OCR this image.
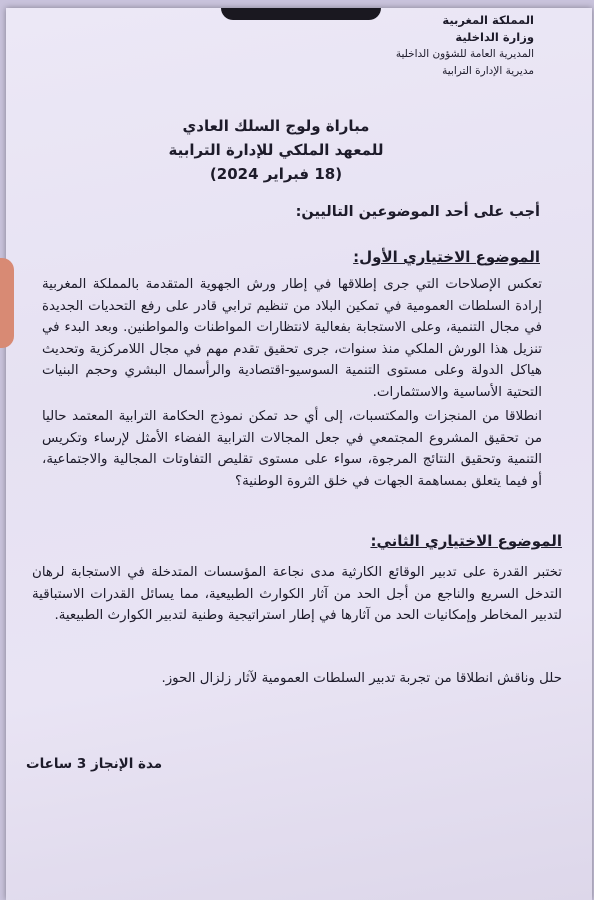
المملكة المغربية
وزارة الداخلية
المديرية العامة للشؤون الداخلية
مديرية الإدارة الترابية
مباراة ولوج السلك العادي
للمعهد الملكي للإدارة الترابية
(18 فبراير 2024)
أجب على أحد الموضوعين التاليين:
الموضوع الاختياري الأول:
تعكس الإصلاحات التي جرى إطلاقها في إطار ورش الجهوية المتقدمة بالمملكة المغربية إرادة السلطات العمومية في تمكين البلاد من تنظيم ترابي قادر على رفع التحديات الجديدة في مجال التنمية، وعلى الاستجابة بفعالية لانتظارات المواطنات والمواطنين. وبعد البدء في تنزيل هذا الورش الملكي منذ سنوات، جرى تحقيق تقدم مهم في مجال اللامركزية وتحديث هياكل الدولة وعلى مستوى التنمية السوسيو-اقتصادية والرأسمال البشري وحجم البنيات التحتية الأساسية والاستثمارات.
انطلاقا من المنجزات والمكتسبات، إلى أي حد تمكن نموذج الحكامة الترابية المعتمد حاليا من تحقيق المشروع المجتمعي في جعل المجالات الترابية الفضاء الأمثل لإرساء وتكريس التنمية وتحقيق النتائج المرجوة، سواء على مستوى تقليص التفاوتات المجالية والاجتماعية، أو فيما يتعلق بمساهمة الجهات في خلق الثروة الوطنية؟
الموضوع الاختياري الثاني:
تختبر القدرة على تدبير الوقائع الكارثية مدى نجاعة المؤسسات المتدخلة في الاستجابة لرهان التدخل السريع والناجع من أجل الحد من آثار الكوارث الطبيعية، مما يسائل القدرات الاستباقية لتدبير المخاطر وإمكانيات الحد من آثارها في إطار استراتيجية وطنية لتدبير الكوارث الطبيعية.
حلل وناقش انطلاقا من تجربة تدبير السلطات العمومية لآثار زلزال الحوز.
مدة الإنجاز 3 ساعات
